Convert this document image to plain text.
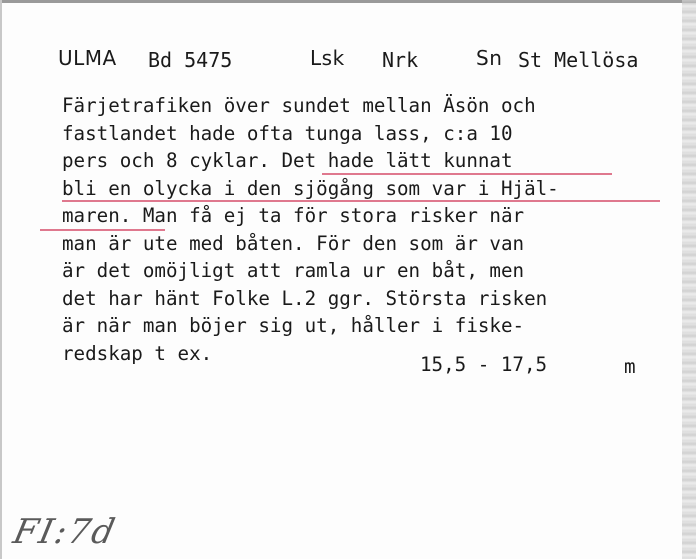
ULMA Bd 5475	Lsk Nrk	Sn St Mellösa
Färjetrafiken över sundet mellan Äsön och
fastlandet hade ofta tunga lass, c:a 10
pers och 8 cyklar. Det hade lätt kunnat
bli en olycka i den sjögång som var i Hjäl-
maren. Man få ej ta för stora risker när
man är ute med båten. För den som är van
är det omöjligt att ramla ur en båt, men
det har hänt Folke L.2 ggr. Största risken
är när man böjer sig ut, håller i fiske-
redskap t ex.	15,5 - 17,5	m
FI:7d
